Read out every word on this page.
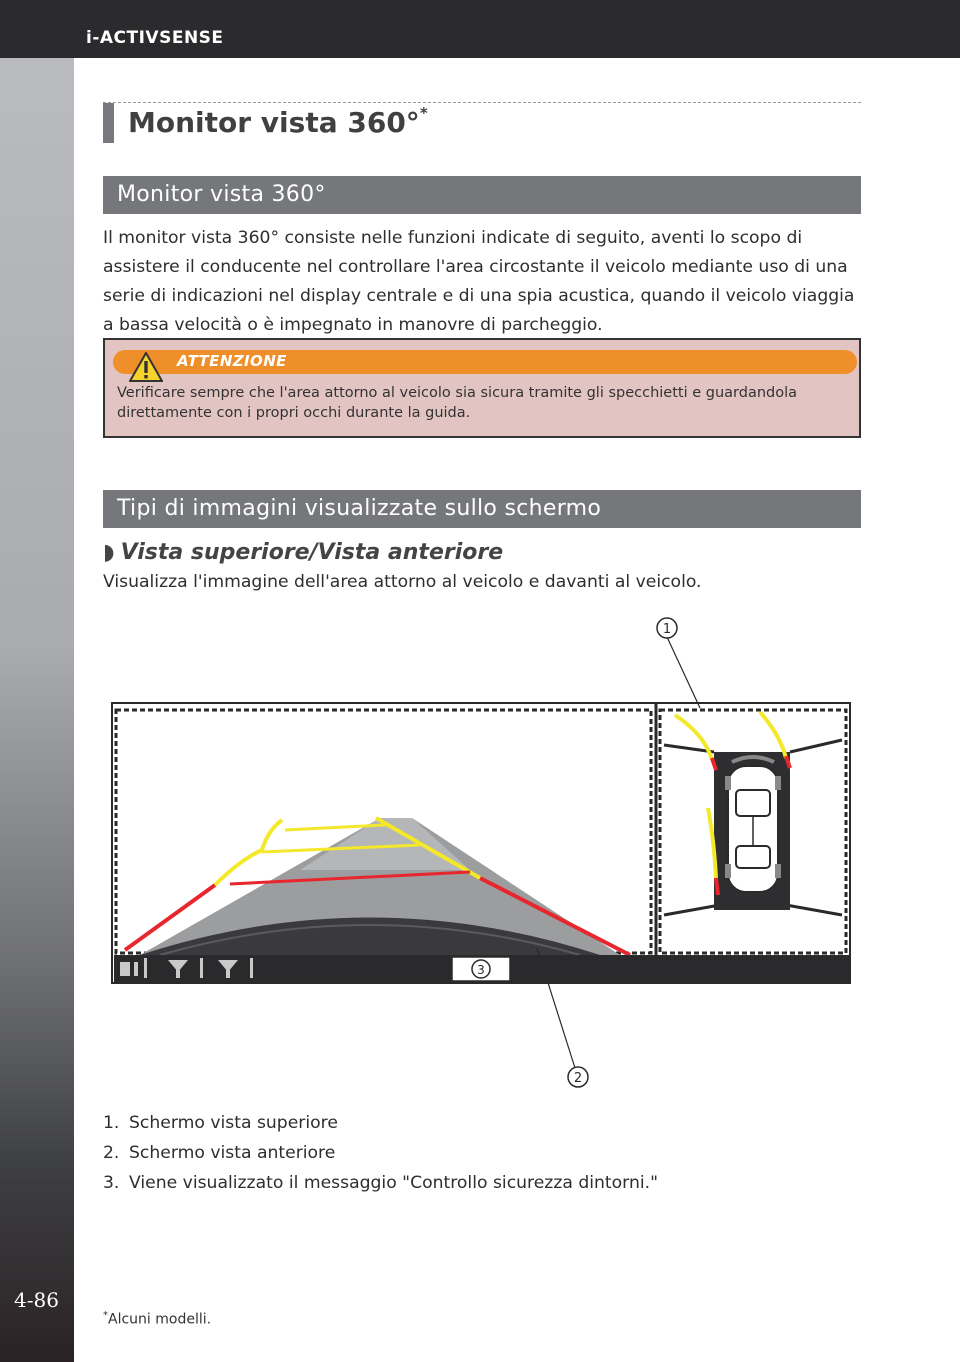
i-ACTIVSENSE
4-86
Monitor vista 360°*
Monitor vista 360°
Il monitor vista 360° consiste nelle funzioni indicate di seguito, aventi lo scopo di assistere il conducente nel controllare l'area circostante il veicolo mediante uso di una serie di indicazioni nel display centrale e di una spia acustica, quando il veicolo viaggia a bassa velocità o è impegnato in manovre di parcheggio.
ATTENZIONE
Verificare sempre che l'area attorno al veicolo sia sicura tramite gli specchietti e guardandola direttamente con i propri occhi durante la guida.
Tipi di immagini visualizzate sullo schermo
◗ Vista superiore/Vista anteriore
Visualizza l'immagine dell'area attorno al veicolo e davanti al veicolo.
1
2
3
1. Schermo vista superiore
2. Schermo vista anteriore
3. Viene visualizzato il messaggio "Controllo sicurezza dintorni."
*Alcuni modelli.
